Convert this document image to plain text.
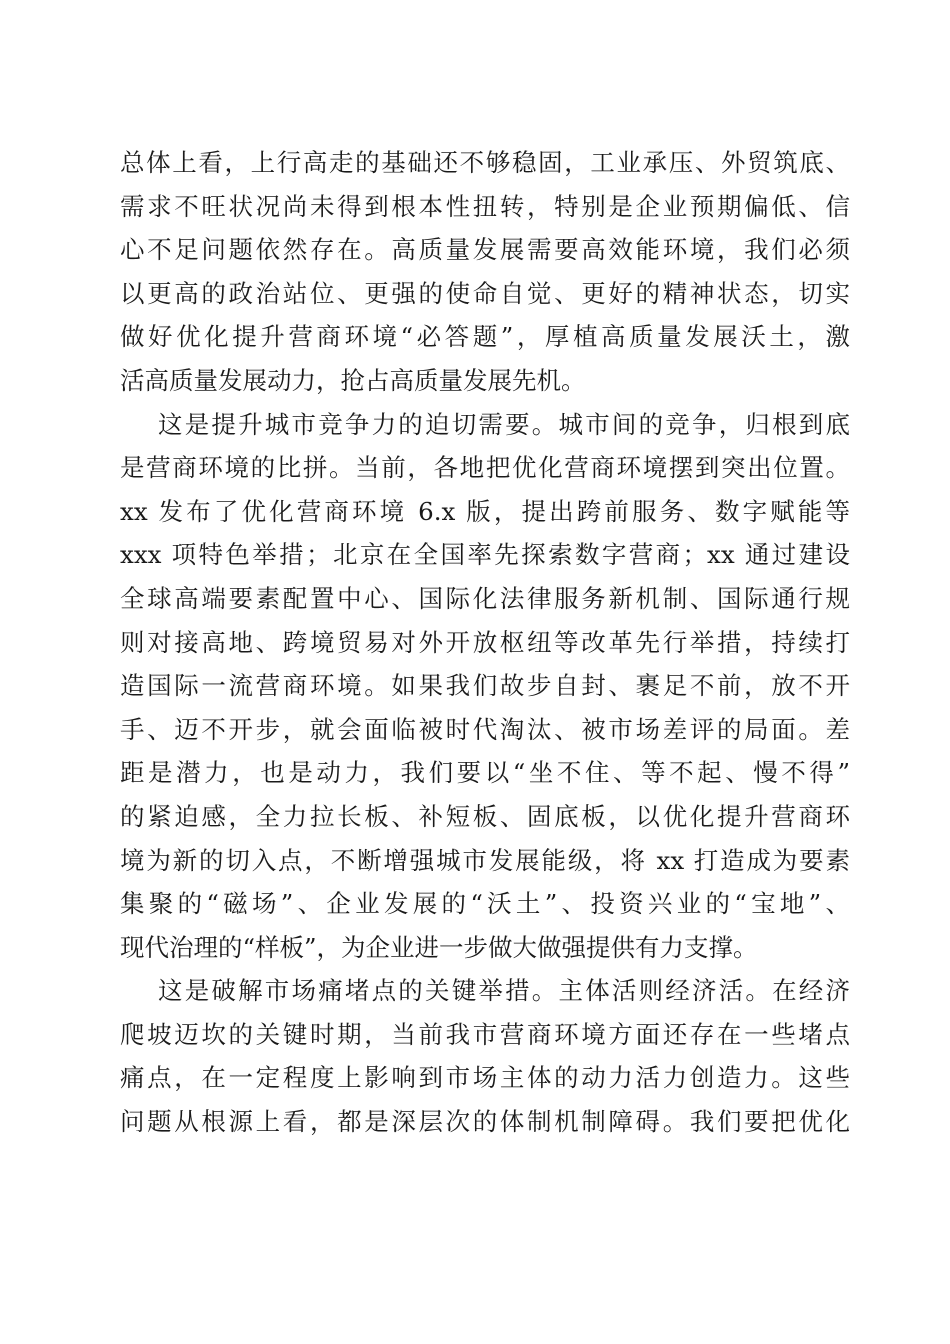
总体上看，上行高走的基础还不够稳固，工业承压、外贸筑底、
需求不旺状况尚未得到根本性扭转，特别是企业预期偏低、信
心不足问题依然存在。高质量发展需要高效能环境，我们必须
以更高的政治站位、更强的使命自觉、更好的精神状态，切实
做好优化提升营商环境“必答题”，厚植高质量发展沃土，激
活高质量发展动力，抢占高质量发展先机。
这是提升城市竞争力的迫切需要。城市间的竞争，归根到底
是营商环境的比拼。当前，各地把优化营商环境摆到突出位置。
xx 发布了优化营商环境 6.x 版，提出跨前服务、数字赋能等
xxx 项特色举措；北京在全国率先探索数字营商；xx 通过建设
全球高端要素配置中心、国际化法律服务新机制、国际通行规
则对接高地、跨境贸易对外开放枢纽等改革先行举措，持续打
造国际一流营商环境。如果我们故步自封、裹足不前，放不开
手、迈不开步，就会面临被时代淘汰、被市场差评的局面。差
距是潜力，也是动力，我们要以“坐不住、等不起、慢不得”
的紧迫感，全力拉长板、补短板、固底板，以优化提升营商环
境为新的切入点，不断增强城市发展能级，将 xx 打造成为要素
集聚的“磁场”、企业发展的“沃土”、投资兴业的“宝地”、
现代治理的“样板”，为企业进一步做大做强提供有力支撑。
这是破解市场痛堵点的关键举措。主体活则经济活。在经济
爬坡迈坎的关键时期，当前我市营商环境方面还存在一些堵点
痛点，在一定程度上影响到市场主体的动力活力创造力。这些
问题从根源上看，都是深层次的体制机制障碍。我们要把优化
